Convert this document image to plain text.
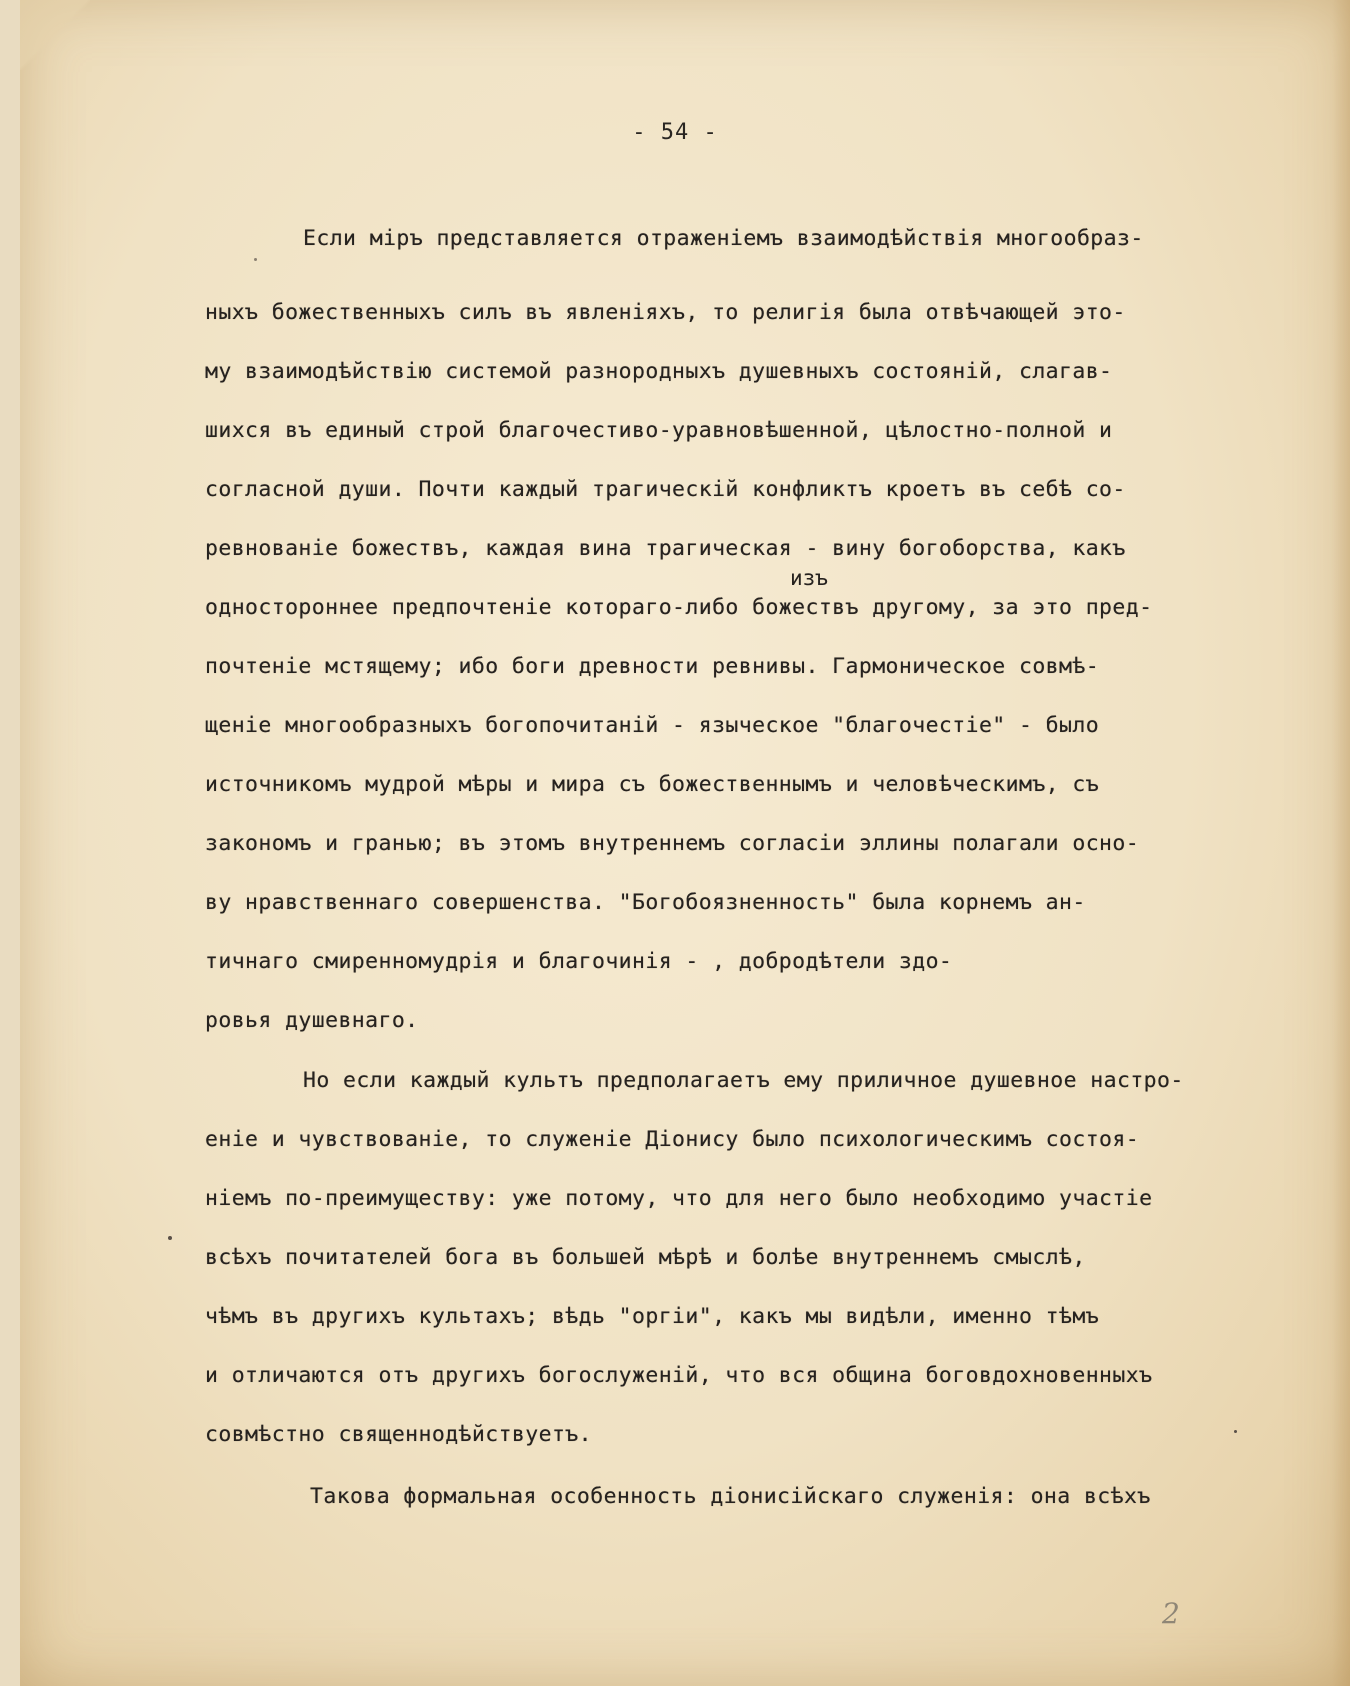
- 54 -
Если міръ представляется отраженіемъ взаимодѣйствія многообраз-
ныхъ божественныхъ силъ въ явленіяхъ, то религія была отвѣчающей это-
му взаимодѣйствію системой разнородныхъ душевныхъ состояній, слагав-
шихся въ единый строй благочестиво-уравновѣшенной, цѣлостно-полной и
согласной души. Почти каждый трагическій конфликтъ кроетъ въ себѣ со-
ревнованіе божествъ, каждая вина трагическая - вину богоборства, какъ
изъ
одностороннее предпочтеніе котораго-либо божествъ другому, за это пред-
почтеніе мстящему; ибо боги древности ревнивы. Гармоническое совмѣ-
щеніе многообразныхъ богопочитаній - языческое "благочестіе" - было
источникомъ мудрой мѣры и мира съ божественнымъ и человѣческимъ, съ
закономъ и гранью; въ этомъ внутреннемъ согласіи эллины полагали осно-
ву нравственнаго совершенства. "Богобоязненность" была корнемъ ан-
тичнаго смиренномудрія и благочинія - , добродѣтели здо-
ровья душевнаго.
Но если каждый культъ предполагаетъ ему приличное душевное настро-
еніе и чувствованіе, то служеніе Діонису было психологическимъ состоя-
ніемъ по-преимуществу: уже потому, что для него было необходимо участіе
всѣхъ почитателей бога въ большей мѣрѣ и болѣе внутреннемъ смыслѣ,
чѣмъ въ другихъ культахъ; вѣдь "оргіи", какъ мы видѣли, именно тѣмъ
и отличаются отъ другихъ богослуженій, что вся община боговдохновенныхъ
совмѣстно священнодѣйствуетъ.
Такова формальная особенность діонисійскаго служенія: она всѣхъ
2
